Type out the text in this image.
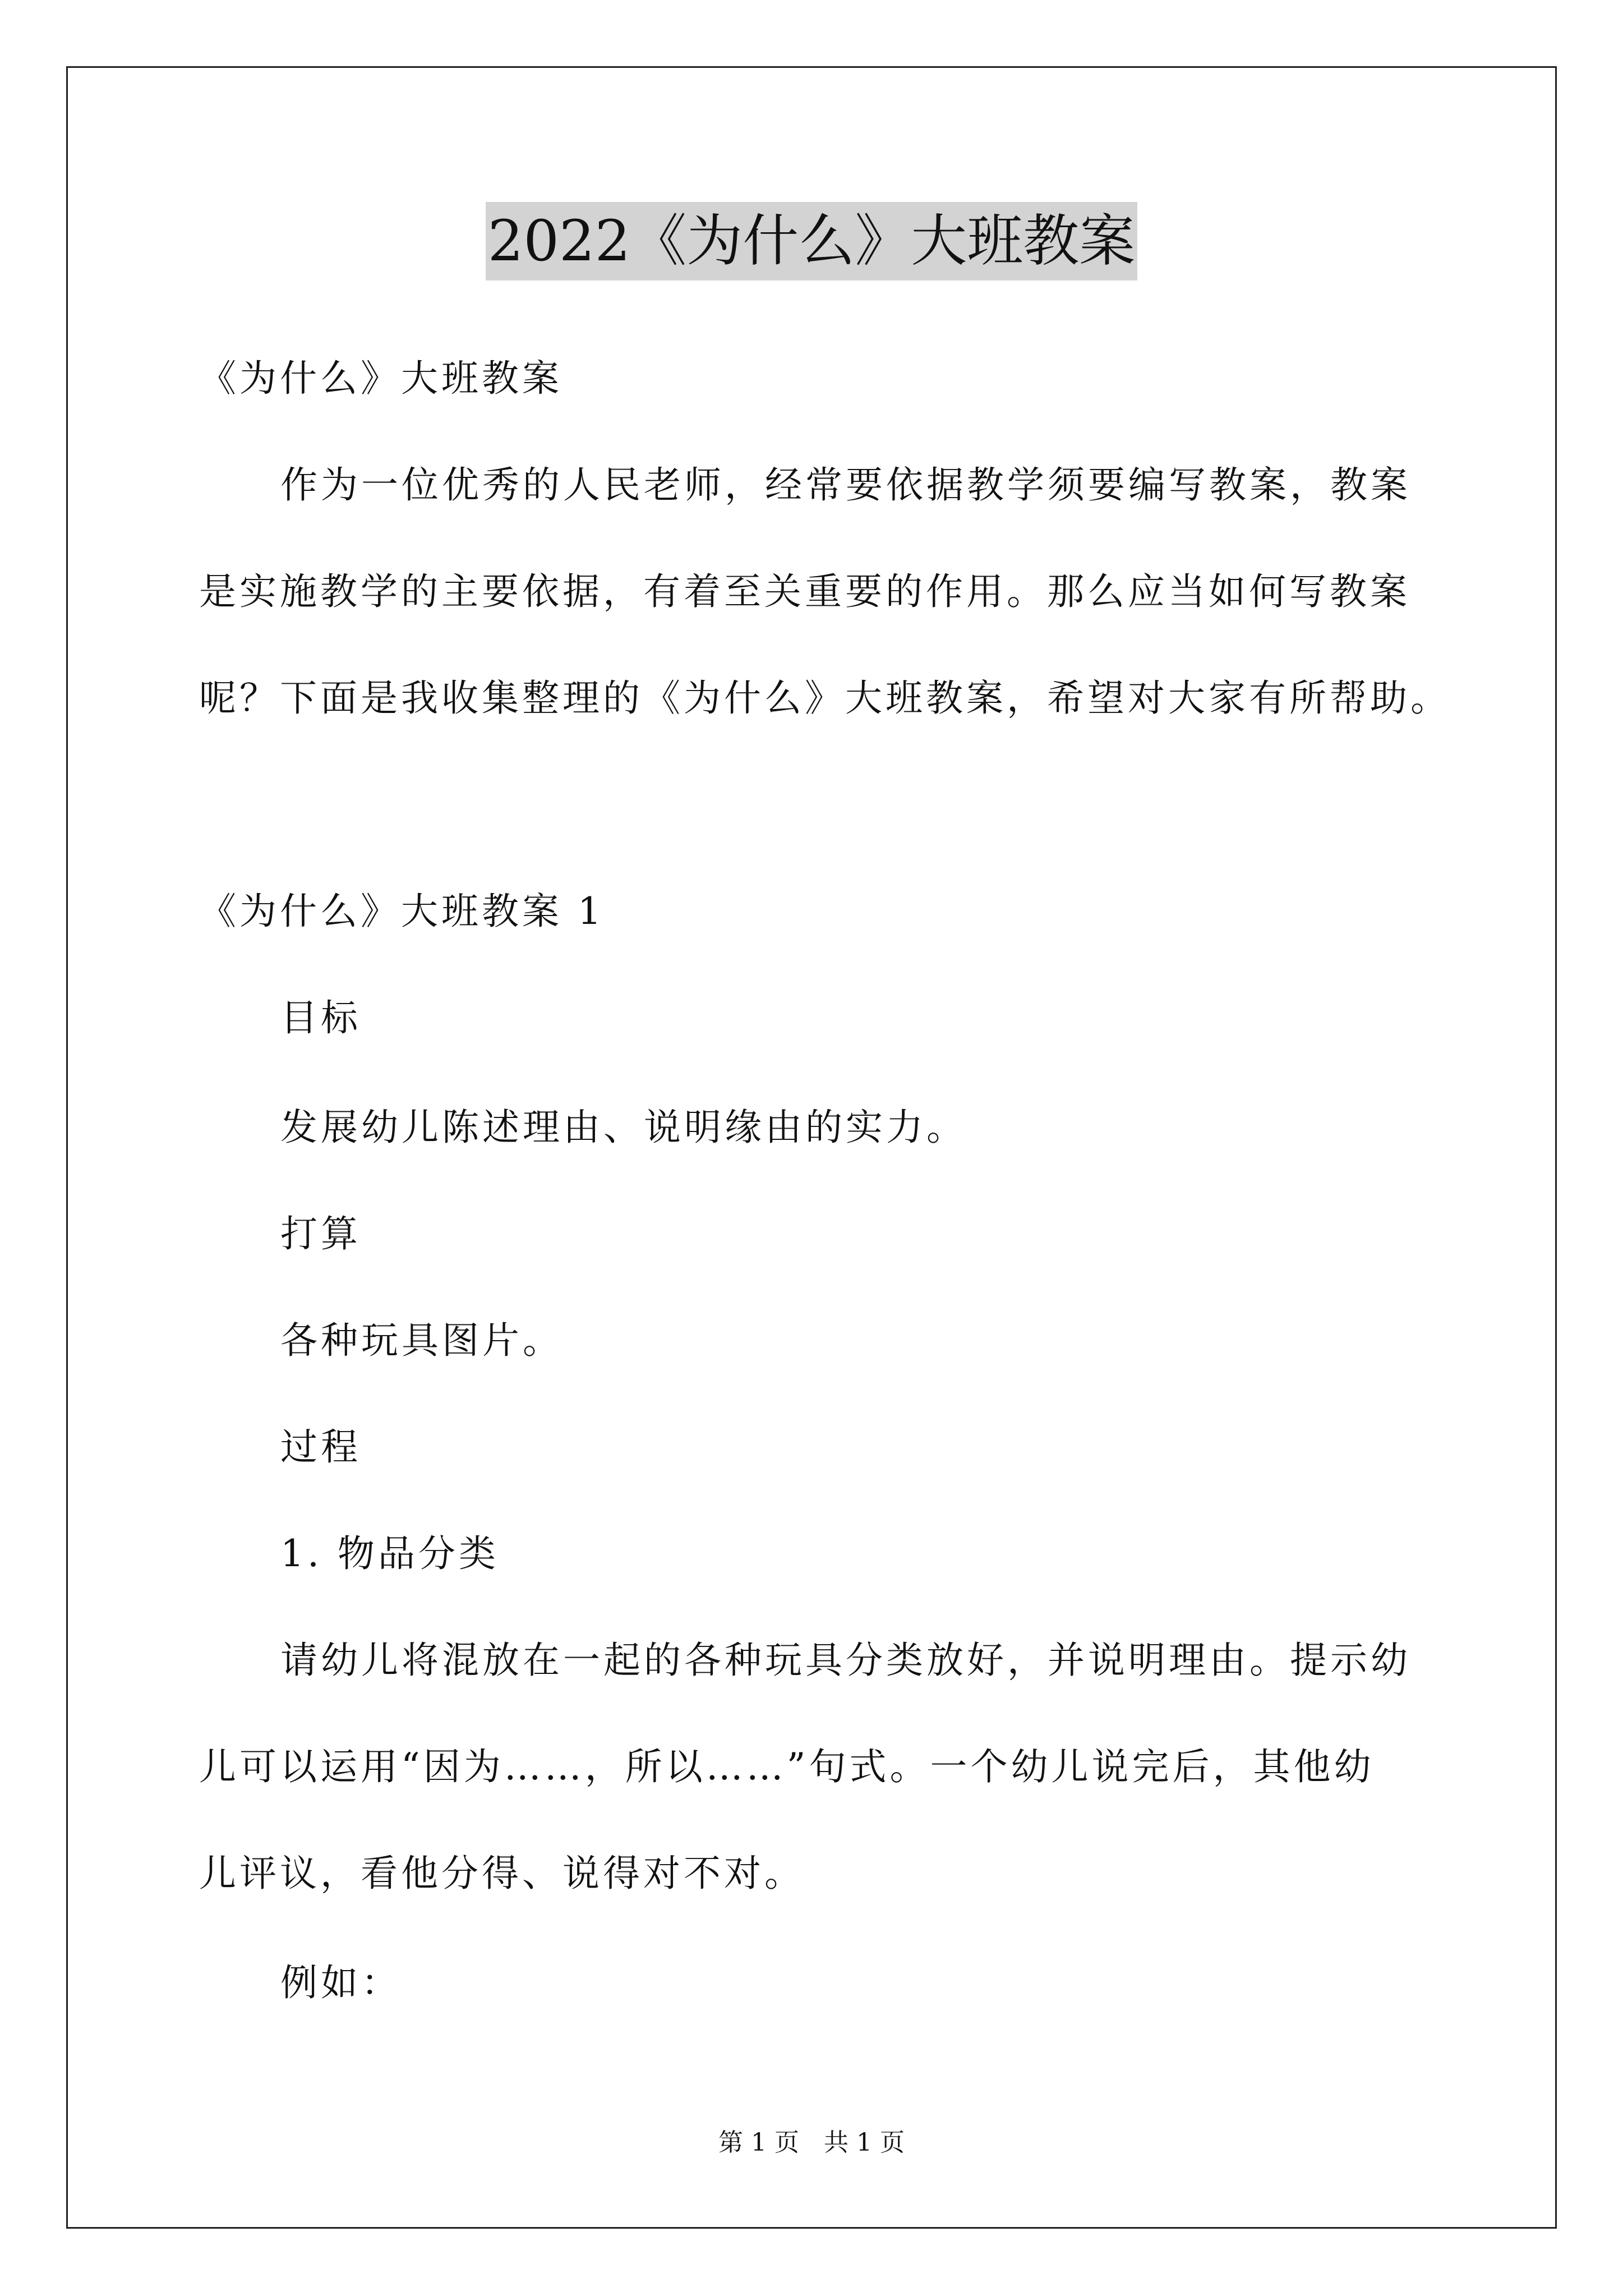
2022《为什么》大班教案
《为什么》大班教案
作为一位优秀的人民老师，经常要依据教学须要编写教案，教案
是实施教学的主要依据，有着至关重要的作用。那么应当如何写教案
呢？下面是我收集整理的《为什么》大班教案，希望对大家有所帮助。
《为什么》大班教案 1
目标
发展幼儿陈述理由、说明缘由的实力。
打算
各种玩具图片。
过程
1. 物品分类
请幼儿将混放在一起的各种玩具分类放好，并说明理由。提示幼
儿可以运用“因为……，所以……”句式。一个幼儿说完后，其他幼
儿评议，看他分得、说得对不对。
例如：
第 1 页　共 1 页
